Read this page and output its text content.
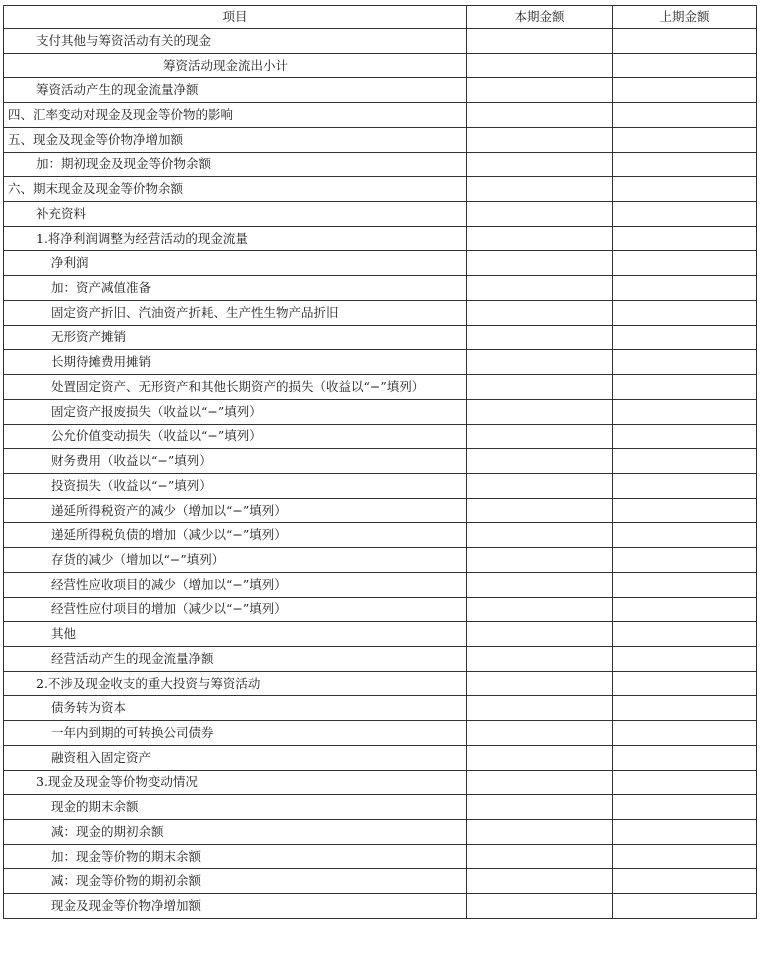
项目	本期金额	上期金额
支付其他与筹资活动有关的现金		
筹资活动现金流出小计		
筹资活动产生的现金流量净额		
四、汇率变动对现金及现金等价物的影响		
五、现金及现金等价物净增加额		
加：期初现金及现金等价物余额		
六、期末现金及现金等价物余额		
补充资料		
1.将净利润调整为经营活动的现金流量		
净利润		
加：资产减值准备		
固定资产折旧、汽油资产折耗、生产性生物产品折旧		
无形资产摊销		
长期待摊费用摊销		
处置固定资产、无形资产和其他长期资产的损失（收益以“−”填列）		
固定资产报废损失（收益以“−”填列）		
公允价值变动损失（收益以“−”填列）		
财务费用（收益以“−”填列）		
投资损失（收益以“−”填列）		
递延所得税资产的减少（增加以“−”填列）		
递延所得税负债的增加（减少以“−”填列）		
存货的减少（增加以“−”填列）		
经营性应收项目的减少（增加以“−”填列）		
经营性应付项目的增加（减少以“−”填列）		
其他		
经营活动产生的现金流量净额		
2.不涉及现金收支的重大投资与筹资活动		
债务转为资本		
一年内到期的可转换公司债券		
融资租入固定资产		
3.现金及现金等价物变动情况		
现金的期末余额		
减：现金的期初余额		
加：现金等价物的期末余额		
减：现金等价物的期初余额		
现金及现金等价物净增加额		
